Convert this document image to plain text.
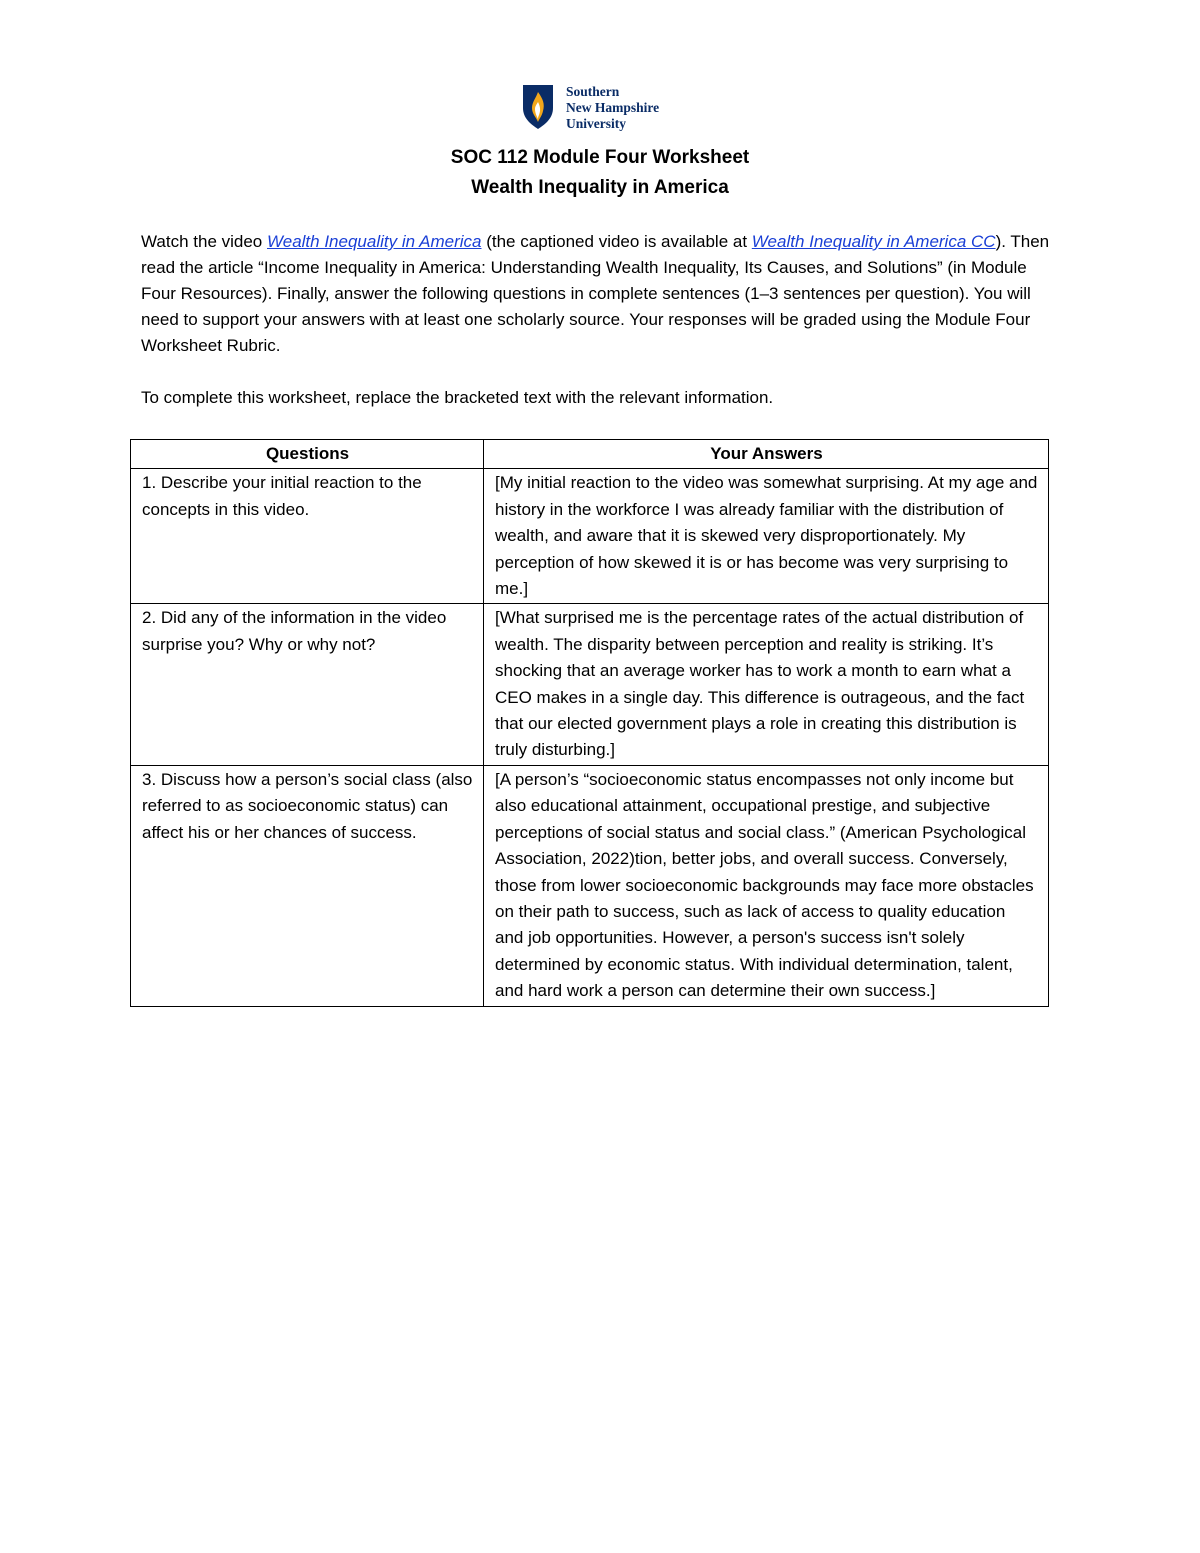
Southern
New Hampshire
University
SOC 112 Module Four Worksheet
Wealth Inequality in America

Watch the video Wealth Inequality in America (the captioned video is available at Wealth Inequality in America CC). Then read the article “Income Inequality in America: Understanding Wealth Inequality, Its Causes, and Solutions” (in Module Four Resources). Finally, answer the following questions in complete sentences (1–3 sentences per question). You will need to support your answers with at least one scholarly source. Your responses will be graded using the Module Four Worksheet Rubric.

To complete this worksheet, replace the bracketed text with the relevant information.

Questions	Your Answers
1. Describe your initial reaction to the concepts in this video.	[My initial reaction to the video was somewhat surprising. At my age and history in the workforce I was already familiar with the distribution of wealth, and aware that it is skewed very disproportionately. My perception of how skewed it is or has become was very surprising to me.]
2. Did any of the information in the video surprise you? Why or why not?	[What surprised me is the percentage rates of the actual distribution of wealth. The disparity between perception and reality is striking. It’s shocking that an average worker has to work a month to earn what a CEO makes in a single day. This difference is outrageous, and the fact that our elected government plays a role in creating this distribution is truly disturbing.]
3. Discuss how a person’s social class (also referred to as socioeconomic status) can affect his or her chances of success.	[A person’s “socioeconomic status encompasses not only income but also educational attainment, occupational prestige, and subjective perceptions of social status and social class.” (American Psychological Association, 2022)tion, better jobs, and overall success. Conversely, those from lower socioeconomic backgrounds may face more obstacles on their path to success, such as lack of access to quality education and job opportunities. However, a person's success isn't solely determined by economic status. With individual determination, talent, and hard work a person can determine their own success.]
